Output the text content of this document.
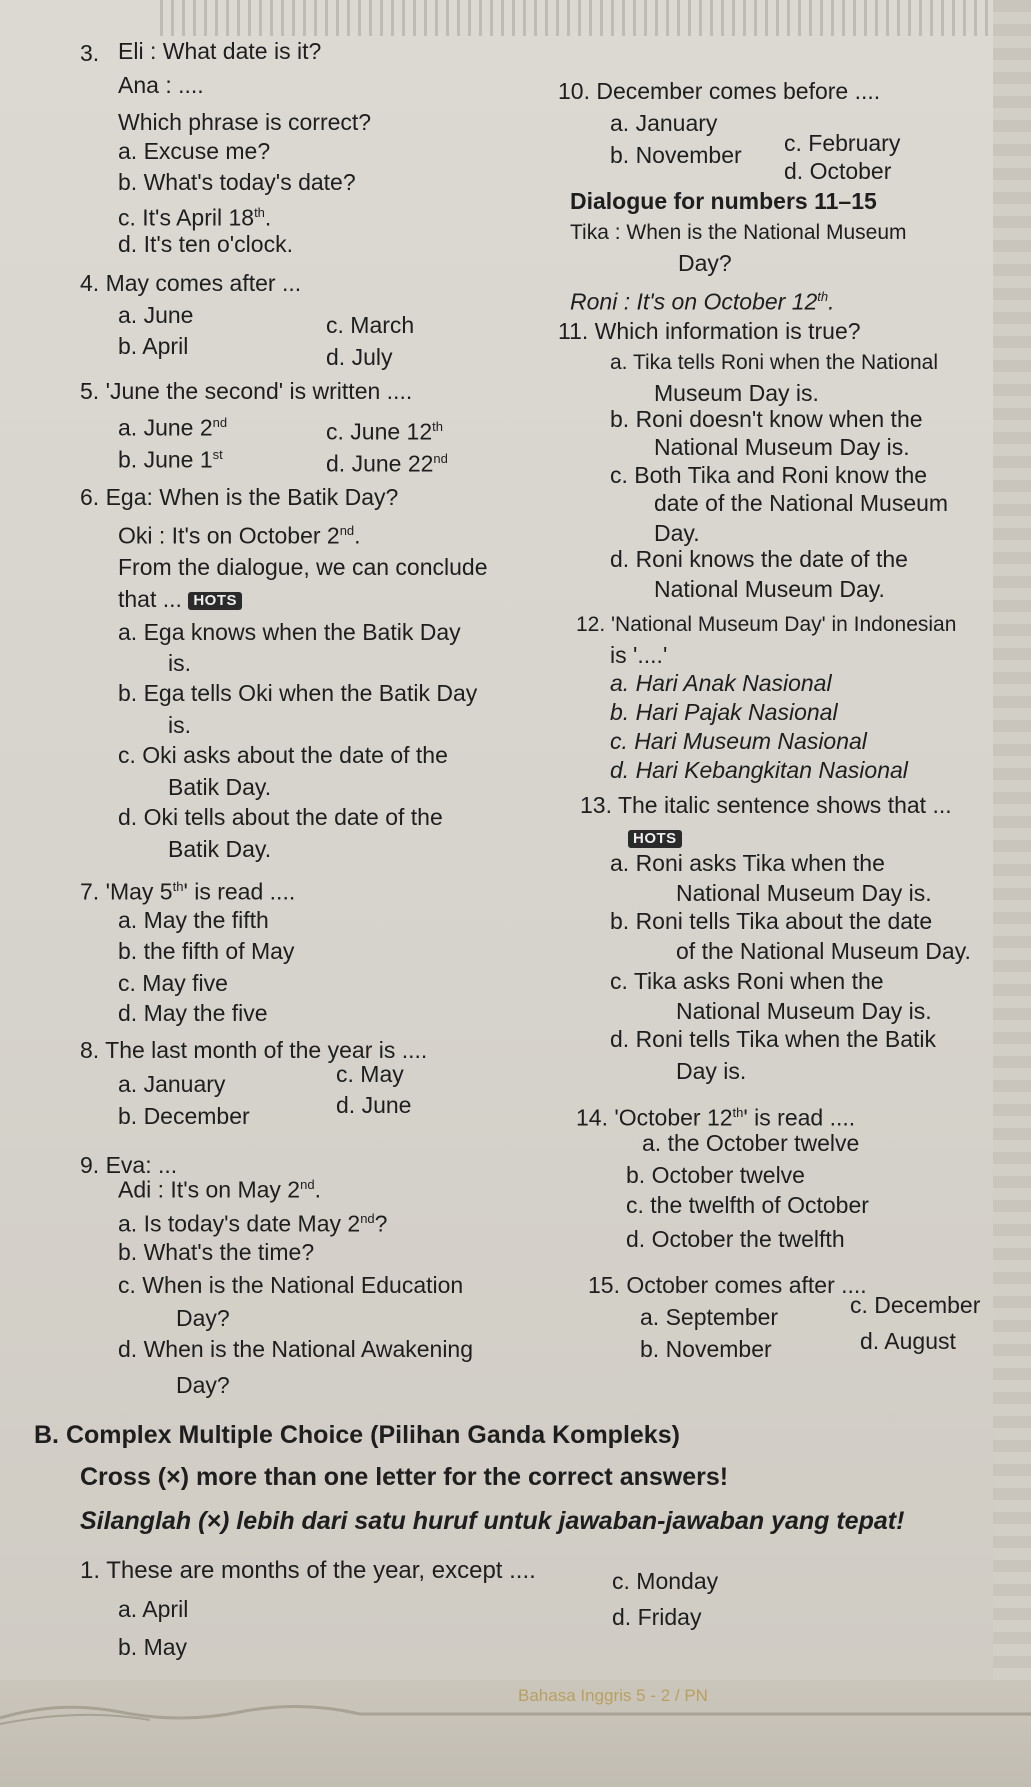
3. Eli : What date is it?
Ana : ....
Which phrase is correct?
a. Excuse me?
b. What's today's date?
c. It's April 18th.
d. It's ten o'clock.
4. May comes after ...
a. June	c. March
b. April	d. July
5. 'June the second' is written ....
a. June 2nd	c. June 12th
b. June 1st	d. June 22nd
6. Ega: When is the Batik Day?
Oki : It's on October 2nd.
From the dialogue, we can conclude
that ... HOTS
a. Ega knows when the Batik Day
is.
b. Ega tells Oki when the Batik Day
is.
c. Oki asks about the date of the
Batik Day.
d. Oki tells about the date of the
Batik Day.
7. 'May 5th' is read ....
a. May the fifth
b. the fifth of May
c. May five
d. May the five
8. The last month of the year is ....
a. January	c. May
b. December	d. June
9. Eva: ...
Adi : It's on May 2nd.
a. Is today's date May 2nd?
b. What's the time?
c. When is the National Education
Day?
d. When is the National Awakening
Day?
10. December comes before ....
a. January
c. February
b. November
d. October
Dialogue for numbers 11–15
Tika : When is the National Museum
Day?
Roni : It's on October 12th.
11. Which information is true?
a. Tika tells Roni when the National
Museum Day is.
b. Roni doesn't know when the
National Museum Day is.
c. Both Tika and Roni know the
date of the National Museum
Day.
d. Roni knows the date of the
National Museum Day.
12. 'National Museum Day' in Indonesian
is '....'
a. Hari Anak Nasional
b. Hari Pajak Nasional
c. Hari Museum Nasional
d. Hari Kebangkitan Nasional
13. The italic sentence shows that ...
HOTS
a. Roni asks Tika when the
National Museum Day is.
b. Roni tells Tika about the date
of the National Museum Day.
c. Tika asks Roni when the
National Museum Day is.
d. Roni tells Tika when the Batik
Day is.
14. 'October 12th' is read ....
a. the October twelve
b. October twelve
c. the twelfth of October
d. October the twelfth
15. October comes after ....
a. September	c. December
b. November	d. August
B. Complex Multiple Choice (Pilihan Ganda Kompleks)
Cross (×) more than one letter for the correct answers!
Silanglah (×) lebih dari satu huruf untuk jawaban-jawaban yang tepat!
1. These are months of the year, except ....
a. April
c. Monday
b. May
d. Friday
Bahasa Inggris 5 - 2 / PN
